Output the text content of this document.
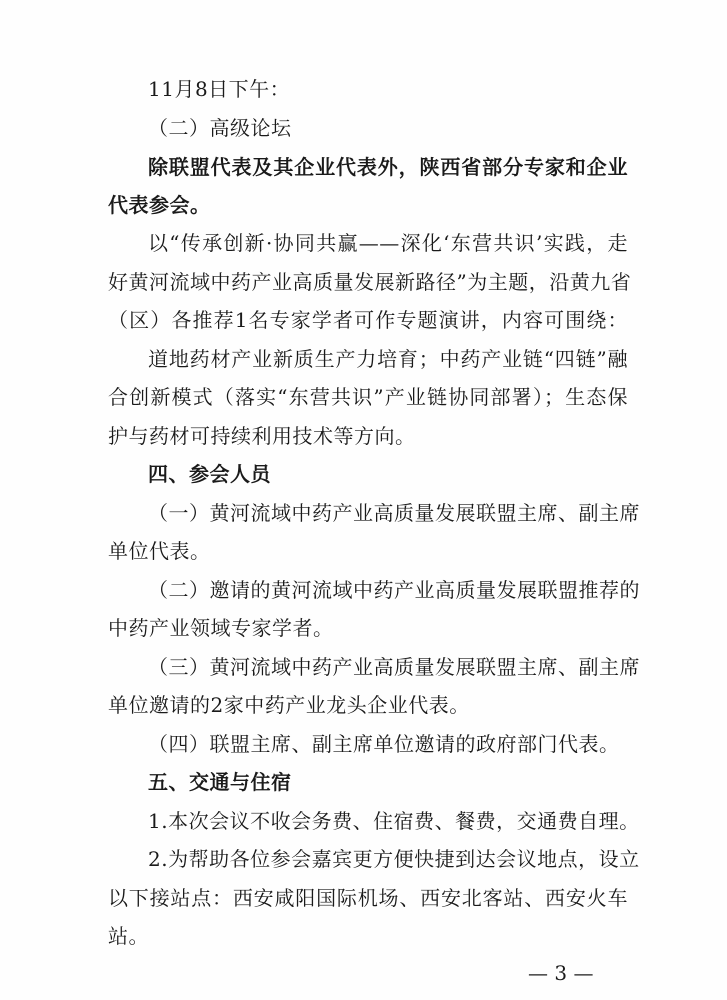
11月8日下午：
（二）高级论坛
除联盟代表及其企业代表外，陕西省部分专家和企业
代表参会。
以“传承创新·协同共赢——深化‘东营共识’实践，走
好黄河流域中药产业高质量发展新路径”为主题，沿黄九省
（区）各推荐1名专家学者可作专题演讲，内容可围绕：
道地药材产业新质生产力培育；中药产业链“四链”融
合创新模式（落实“东营共识”产业链协同部署）；生态保
护与药材可持续利用技术等方向。
四、参会人员
（一）黄河流域中药产业高质量发展联盟主席、副主席
单位代表。
（二）邀请的黄河流域中药产业高质量发展联盟推荐的
中药产业领域专家学者。
（三）黄河流域中药产业高质量发展联盟主席、副主席
单位邀请的2家中药产业龙头企业代表。
（四）联盟主席、副主席单位邀请的政府部门代表。
五、交通与住宿
1.本次会议不收会务费、住宿费、餐费，交通费自理。
2.为帮助各位参会嘉宾更方便快捷到达会议地点，设立
以下接站点：西安咸阳国际机场、西安北客站、西安火车
站。
— 3 —
